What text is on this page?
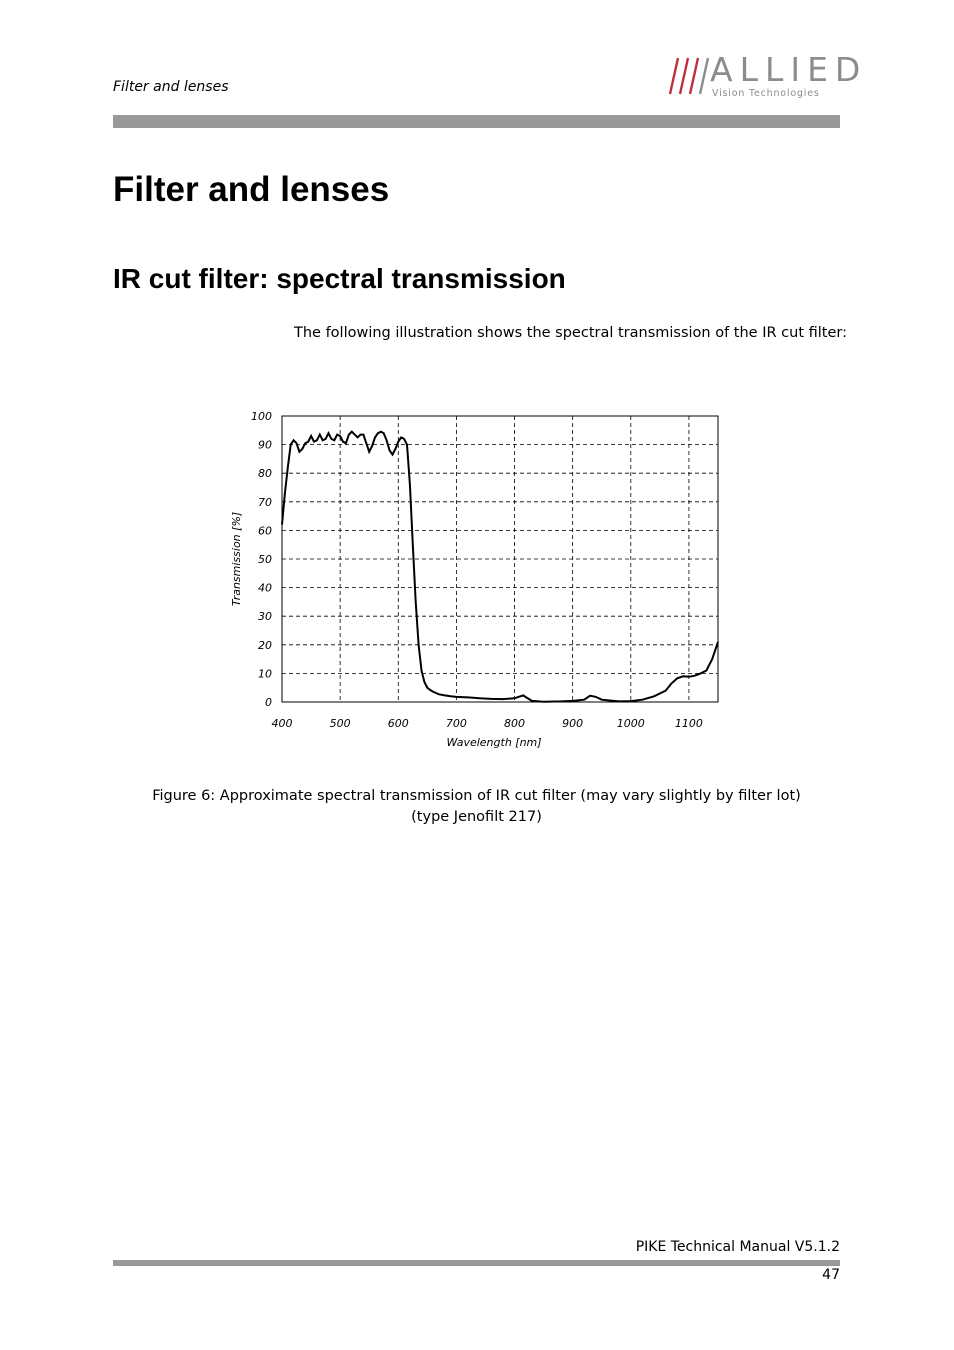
Filter and lenses	ALLIED
Vision Technologies
Filter and lenses
IR cut filter: spectral transmission
The following illustration shows the spectral transmission of the IR cut filter:
0
10
20
30
40
50
60
70
80
90
100
400	500	600	700	800	900	1000	1100
Transmission [%]
Wavelength [nm]
Figure 6: Approximate spectral transmission of IR cut filter (may vary slightly by filter lot)
(type Jenofilt 217)
PIKE Technical Manual V5.1.2
47
